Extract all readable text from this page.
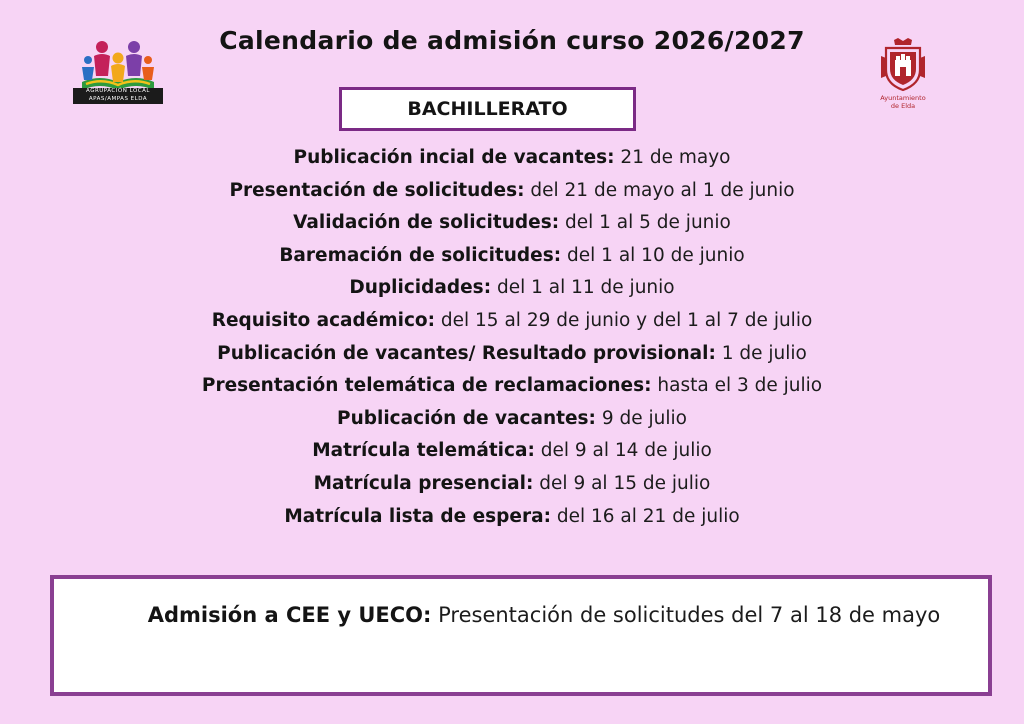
Calendario de admisión curso 2026/2027
AGRUPACIÓN LOCAL
APAS/AMPAS ELDA	Ayuntamiento
de Elda
BACHILLERATO
Publicación incial de vacantes: 21 de mayo
Presentación de solicitudes: del 21 de mayo al 1 de junio
Validación de solicitudes: del 1 al 5 de junio
Baremación de solicitudes: del 1 al 10 de junio
Duplicidades: del 1 al 11 de junio
Requisito académico: del 15 al 29 de junio y del 1 al 7 de julio
Publicación de vacantes/ Resultado provisional: 1 de julio
Presentación telemática de reclamaciones: hasta el 3 de julio
Publicación de vacantes: 9 de julio
Matrícula telemática: del 9 al 14 de julio
Matrícula presencial: del 9 al 15 de julio
Matrícula lista de espera: del 16 al 21 de julio
Admisión a CEE y UECO: Presentación de solicitudes del 7 al 18 de mayo
